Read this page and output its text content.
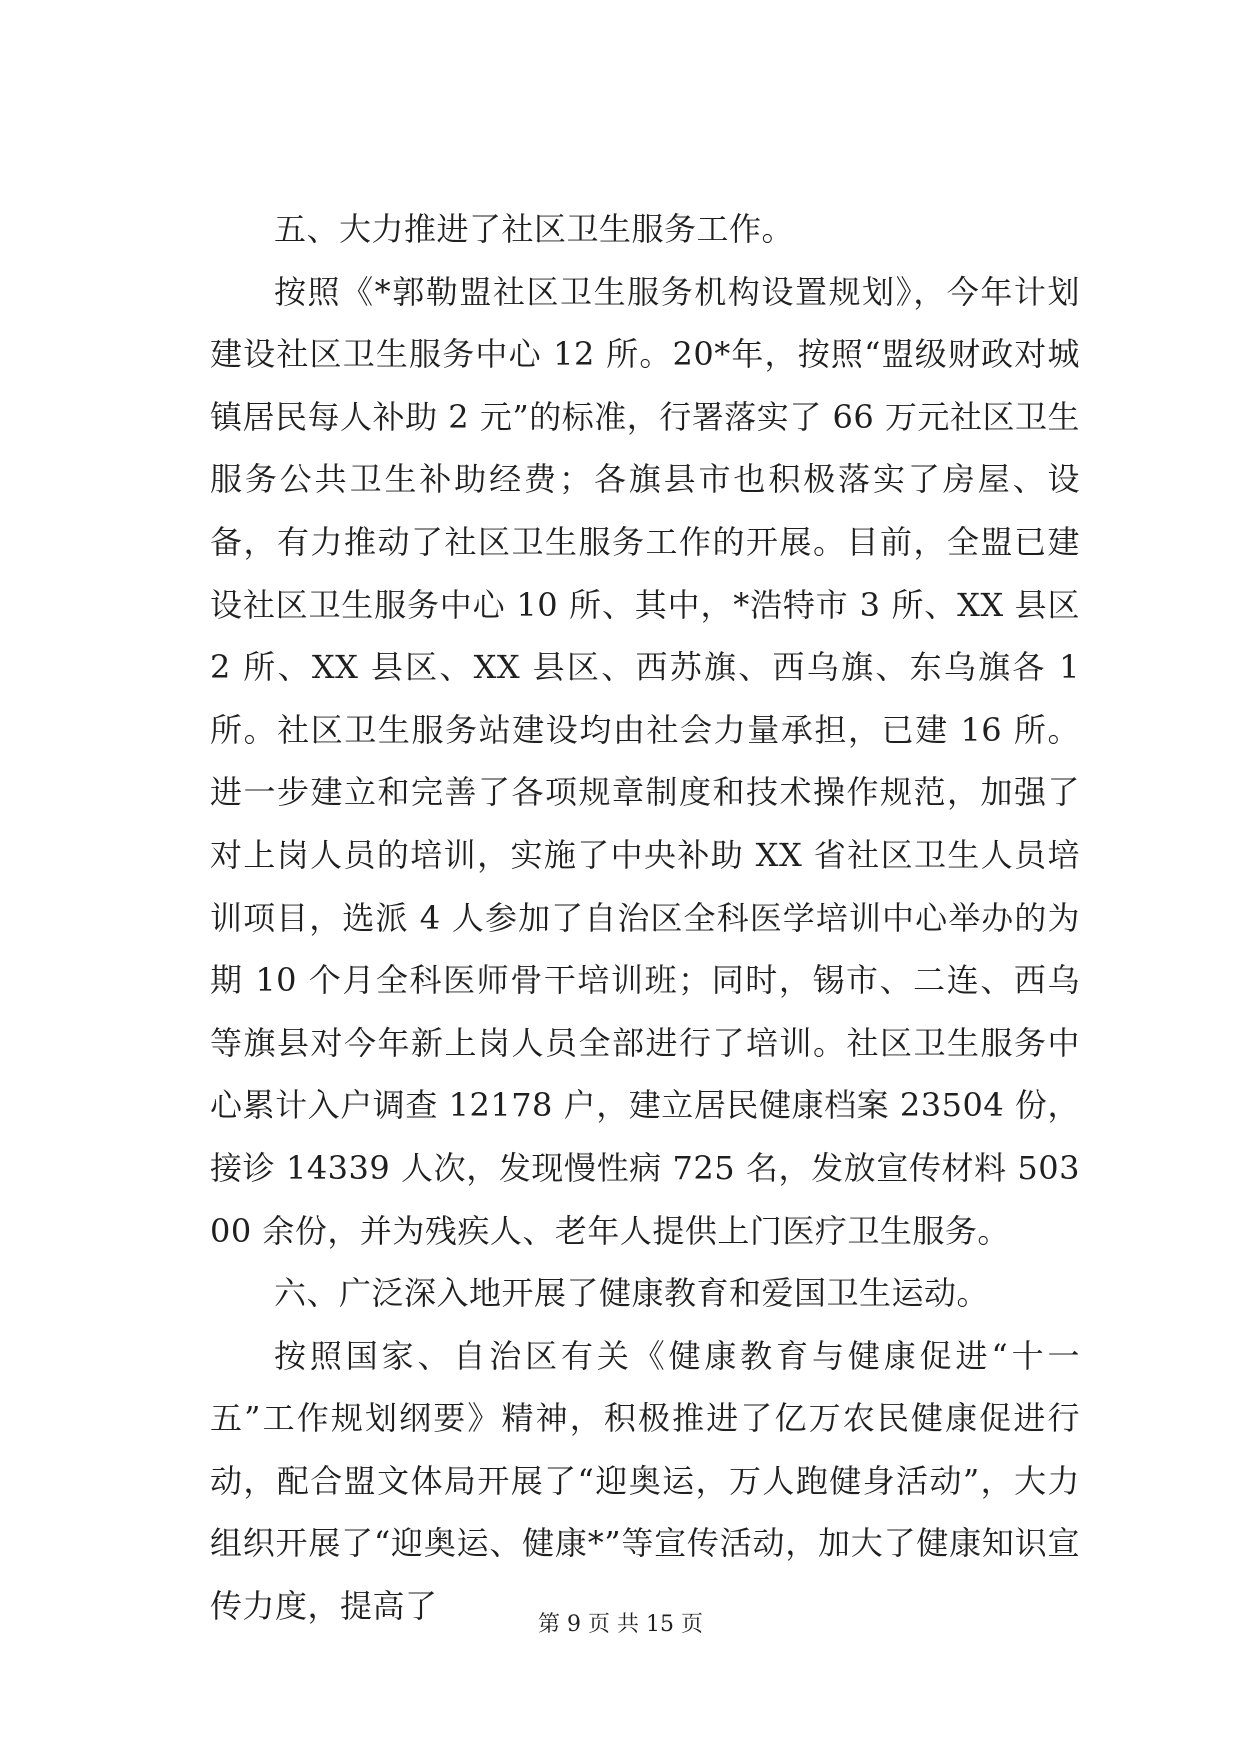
五、大力推进了社区卫生服务工作。

按照《*郭勒盟社区卫生服务机构设置规划》，今年计划建设社区卫生服务中心 12 所。20*年，按照“盟级财政对城镇居民每人补助 2 元”的标准，行署落实了 66 万元社区卫生服务公共卫生补助经费；各旗县市也积极落实了房屋、设备，有力推动了社区卫生服务工作的开展。目前，全盟已建设社区卫生服务中心 10 所、其中，*浩特市 3 所、XX 县区 2 所、XX 县区、XX 县区、西苏旗、西乌旗、东乌旗各 1 所。社区卫生服务站建设均由社会力量承担，已建 16 所。进一步建立和完善了各项规章制度和技术操作规范，加强了对上岗人员的培训，实施了中央补助 XX 省社区卫生人员培训项目，选派 4 人参加了自治区全科医学培训中心举办的为期 10 个月全科医师骨干培训班；同时，锡市、二连、西乌等旗县对今年新上岗人员全部进行了培训。社区卫生服务中心累计入户调查 12178 户，建立居民健康档案 23504 份，接诊 14339 人次，发现慢性病 725 名，发放宣传材料 50300 余份，并为残疾人、老年人提供上门医疗卫生服务。

六、广泛深入地开展了健康教育和爱国卫生运动。

按照国家、自治区有关《健康教育与健康促进“十一五”工作规划纲要》精神，积极推进了亿万农民健康促进行动，配合盟文体局开展了“迎奥运，万人跑健身活动”，大力组织开展了“迎奥运、健康*”等宣传活动，加大了健康知识宣传力度，提高了	第 9 页 共 15 页
